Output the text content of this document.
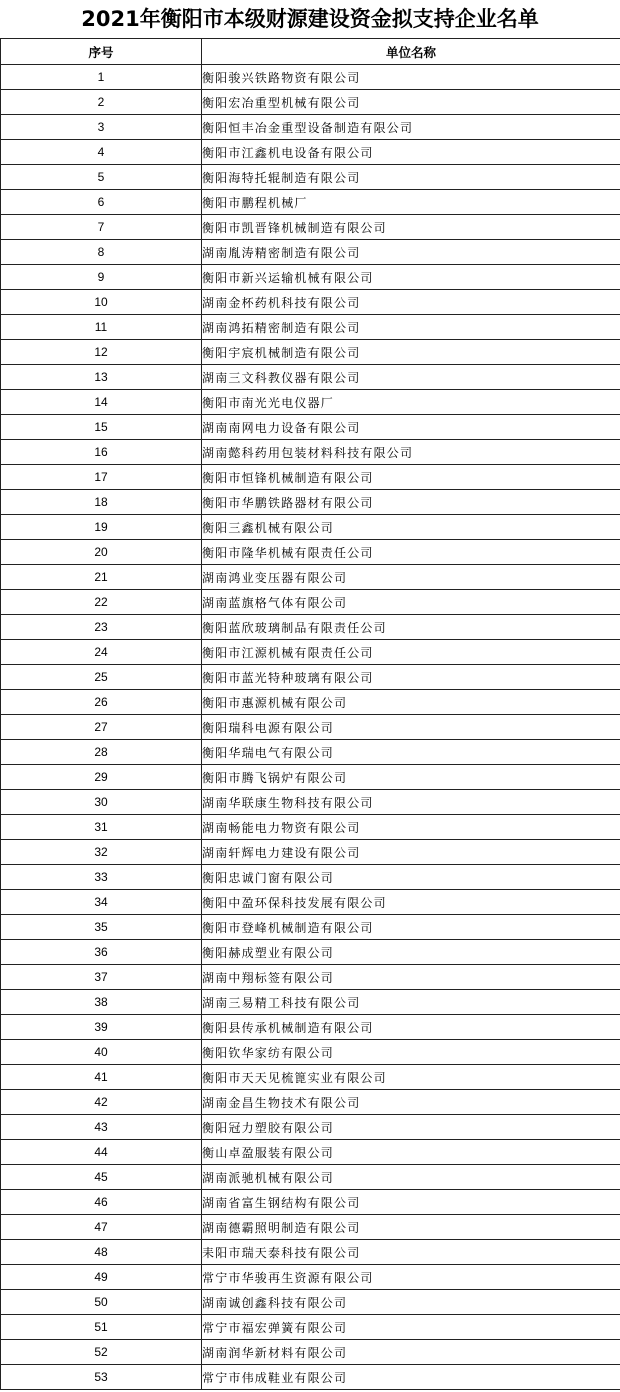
2021年衡阳市本级财源建设资金拟支持企业名单
序号	单位名称
1	衡阳骏兴铁路物资有限公司
2	衡阳宏冶重型机械有限公司
3	衡阳恒丰冶金重型设备制造有限公司
4	衡阳市江鑫机电设备有限公司
5	衡阳海特托辊制造有限公司
6	衡阳市鹏程机械厂
7	衡阳市凯晋锋机械制造有限公司
8	湖南胤涛精密制造有限公司
9	衡阳市新兴运输机械有限公司
10	湖南金杯药机科技有限公司
11	湖南鸿拓精密制造有限公司
12	衡阳宇宸机械制造有限公司
13	湖南三文科教仪器有限公司
14	衡阳市南光光电仪器厂
15	湖南南网电力设备有限公司
16	湖南懿科药用包装材料科技有限公司
17	衡阳市恒锋机械制造有限公司
18	衡阳市华鹏铁路器材有限公司
19	衡阳三鑫机械有限公司
20	衡阳市隆华机械有限责任公司
21	湖南鸿业变压器有限公司
22	湖南蓝旗格气体有限公司
23	衡阳蓝欣玻璃制品有限责任公司
24	衡阳市江源机械有限责任公司
25	衡阳市蓝光特种玻璃有限公司
26	衡阳市惠源机械有限公司
27	衡阳瑞科电源有限公司
28	衡阳华瑞电气有限公司
29	衡阳市腾飞锅炉有限公司
30	湖南华联康生物科技有限公司
31	湖南畅能电力物资有限公司
32	湖南轩辉电力建设有限公司
33	衡阳忠诚门窗有限公司
34	衡阳中盈环保科技发展有限公司
35	衡阳市登峰机械制造有限公司
36	衡阳赫成塑业有限公司
37	湖南中翔标签有限公司
38	湖南三易精工科技有限公司
39	衡阳县传承机械制造有限公司
40	衡阳钦华家纺有限公司
41	衡阳市天天见梳篦实业有限公司
42	湖南金昌生物技术有限公司
43	衡阳冠力塑胶有限公司
44	衡山卓盈服装有限公司
45	湖南派驰机械有限公司
46	湖南省富生钢结构有限公司
47	湖南德霸照明制造有限公司
48	耒阳市瑞天泰科技有限公司
49	常宁市华骏再生资源有限公司
50	湖南诚创鑫科技有限公司
51	常宁市福宏弹簧有限公司
52	湖南润华新材料有限公司
53	常宁市伟成鞋业有限公司
